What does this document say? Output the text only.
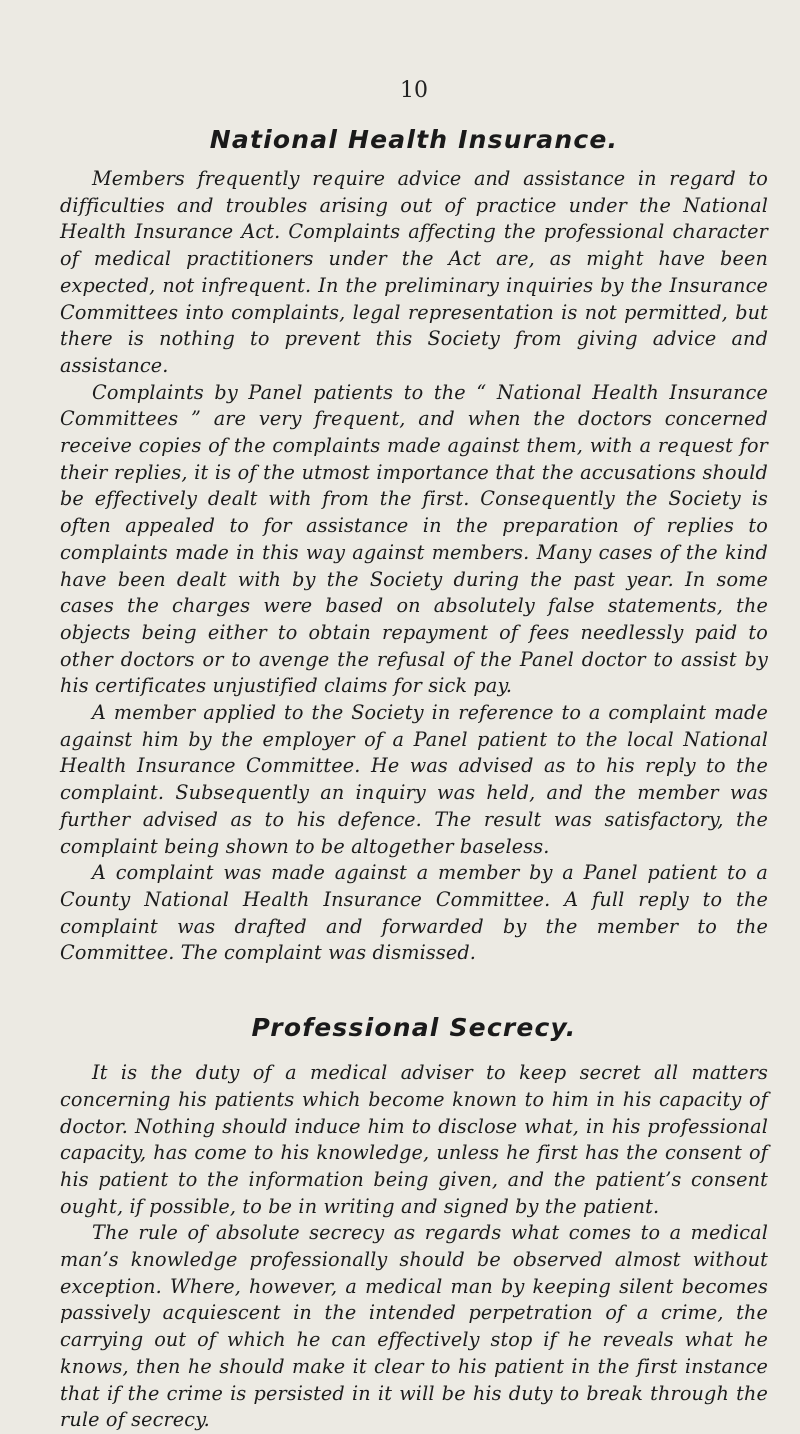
10
National Health Insurance.

Members frequently require advice and assistance in regard to difficulties and troubles arising out of practice under the National Health Insurance Act. Complaints affecting the professional character of medical practitioners under the Act are, as might have been expected, not infrequent. In the preliminary inquiries by the Insurance Committees into complaints, legal representation is not permitted, but there is nothing to prevent this Society from giving advice and assistance.

Complaints by Panel patients to the “ National Health Insurance Committees ” are very frequent, and when the doctors concerned receive copies of the complaints made against them, with a request for their replies, it is of the utmost importance that the accusations should be effectively dealt with from the first. Consequently the Society is often appealed to for assistance in the preparation of replies to complaints made in this way against members. Many cases of the kind have been dealt with by the Society during the past year. In some cases the charges were based on absolutely false statements, the objects being either to obtain repayment of fees needlessly paid to other doctors or to avenge the refusal of the Panel doctor to assist by his certificates unjustified claims for sick pay.

A member applied to the Society in reference to a complaint made against him by the employer of a Panel patient to the local National Health Insurance Committee. He was advised as to his reply to the complaint. Subsequently an inquiry was held, and the member was further advised as to his defence. The result was satisfactory, the complaint being shown to be altogether baseless.

A complaint was made against a member by a Panel patient to a County National Health Insurance Committee. A full reply to the complaint was drafted and forwarded by the member to the Committee. The complaint was dismissed.

Professional Secrecy.

It is the duty of a medical adviser to keep secret all matters concerning his patients which become known to him in his capacity of doctor. Nothing should induce him to disclose what, in his professional capacity, has come to his knowledge, unless he first has the consent of his patient to the information being given, and the patient’s consent ought, if possible, to be in writing and signed by the patient.

The rule of absolute secrecy as regards what comes to a medical man’s knowledge professionally should be observed almost without exception. Where, however, a medical man by keeping silent becomes passively acquiescent in the intended perpetration of a crime, the carrying out of which he can effectively stop if he reveals what he knows, then he should make it clear to his patient in the first instance that if the crime is persisted in it will be his duty to break through the rule of secrecy.
